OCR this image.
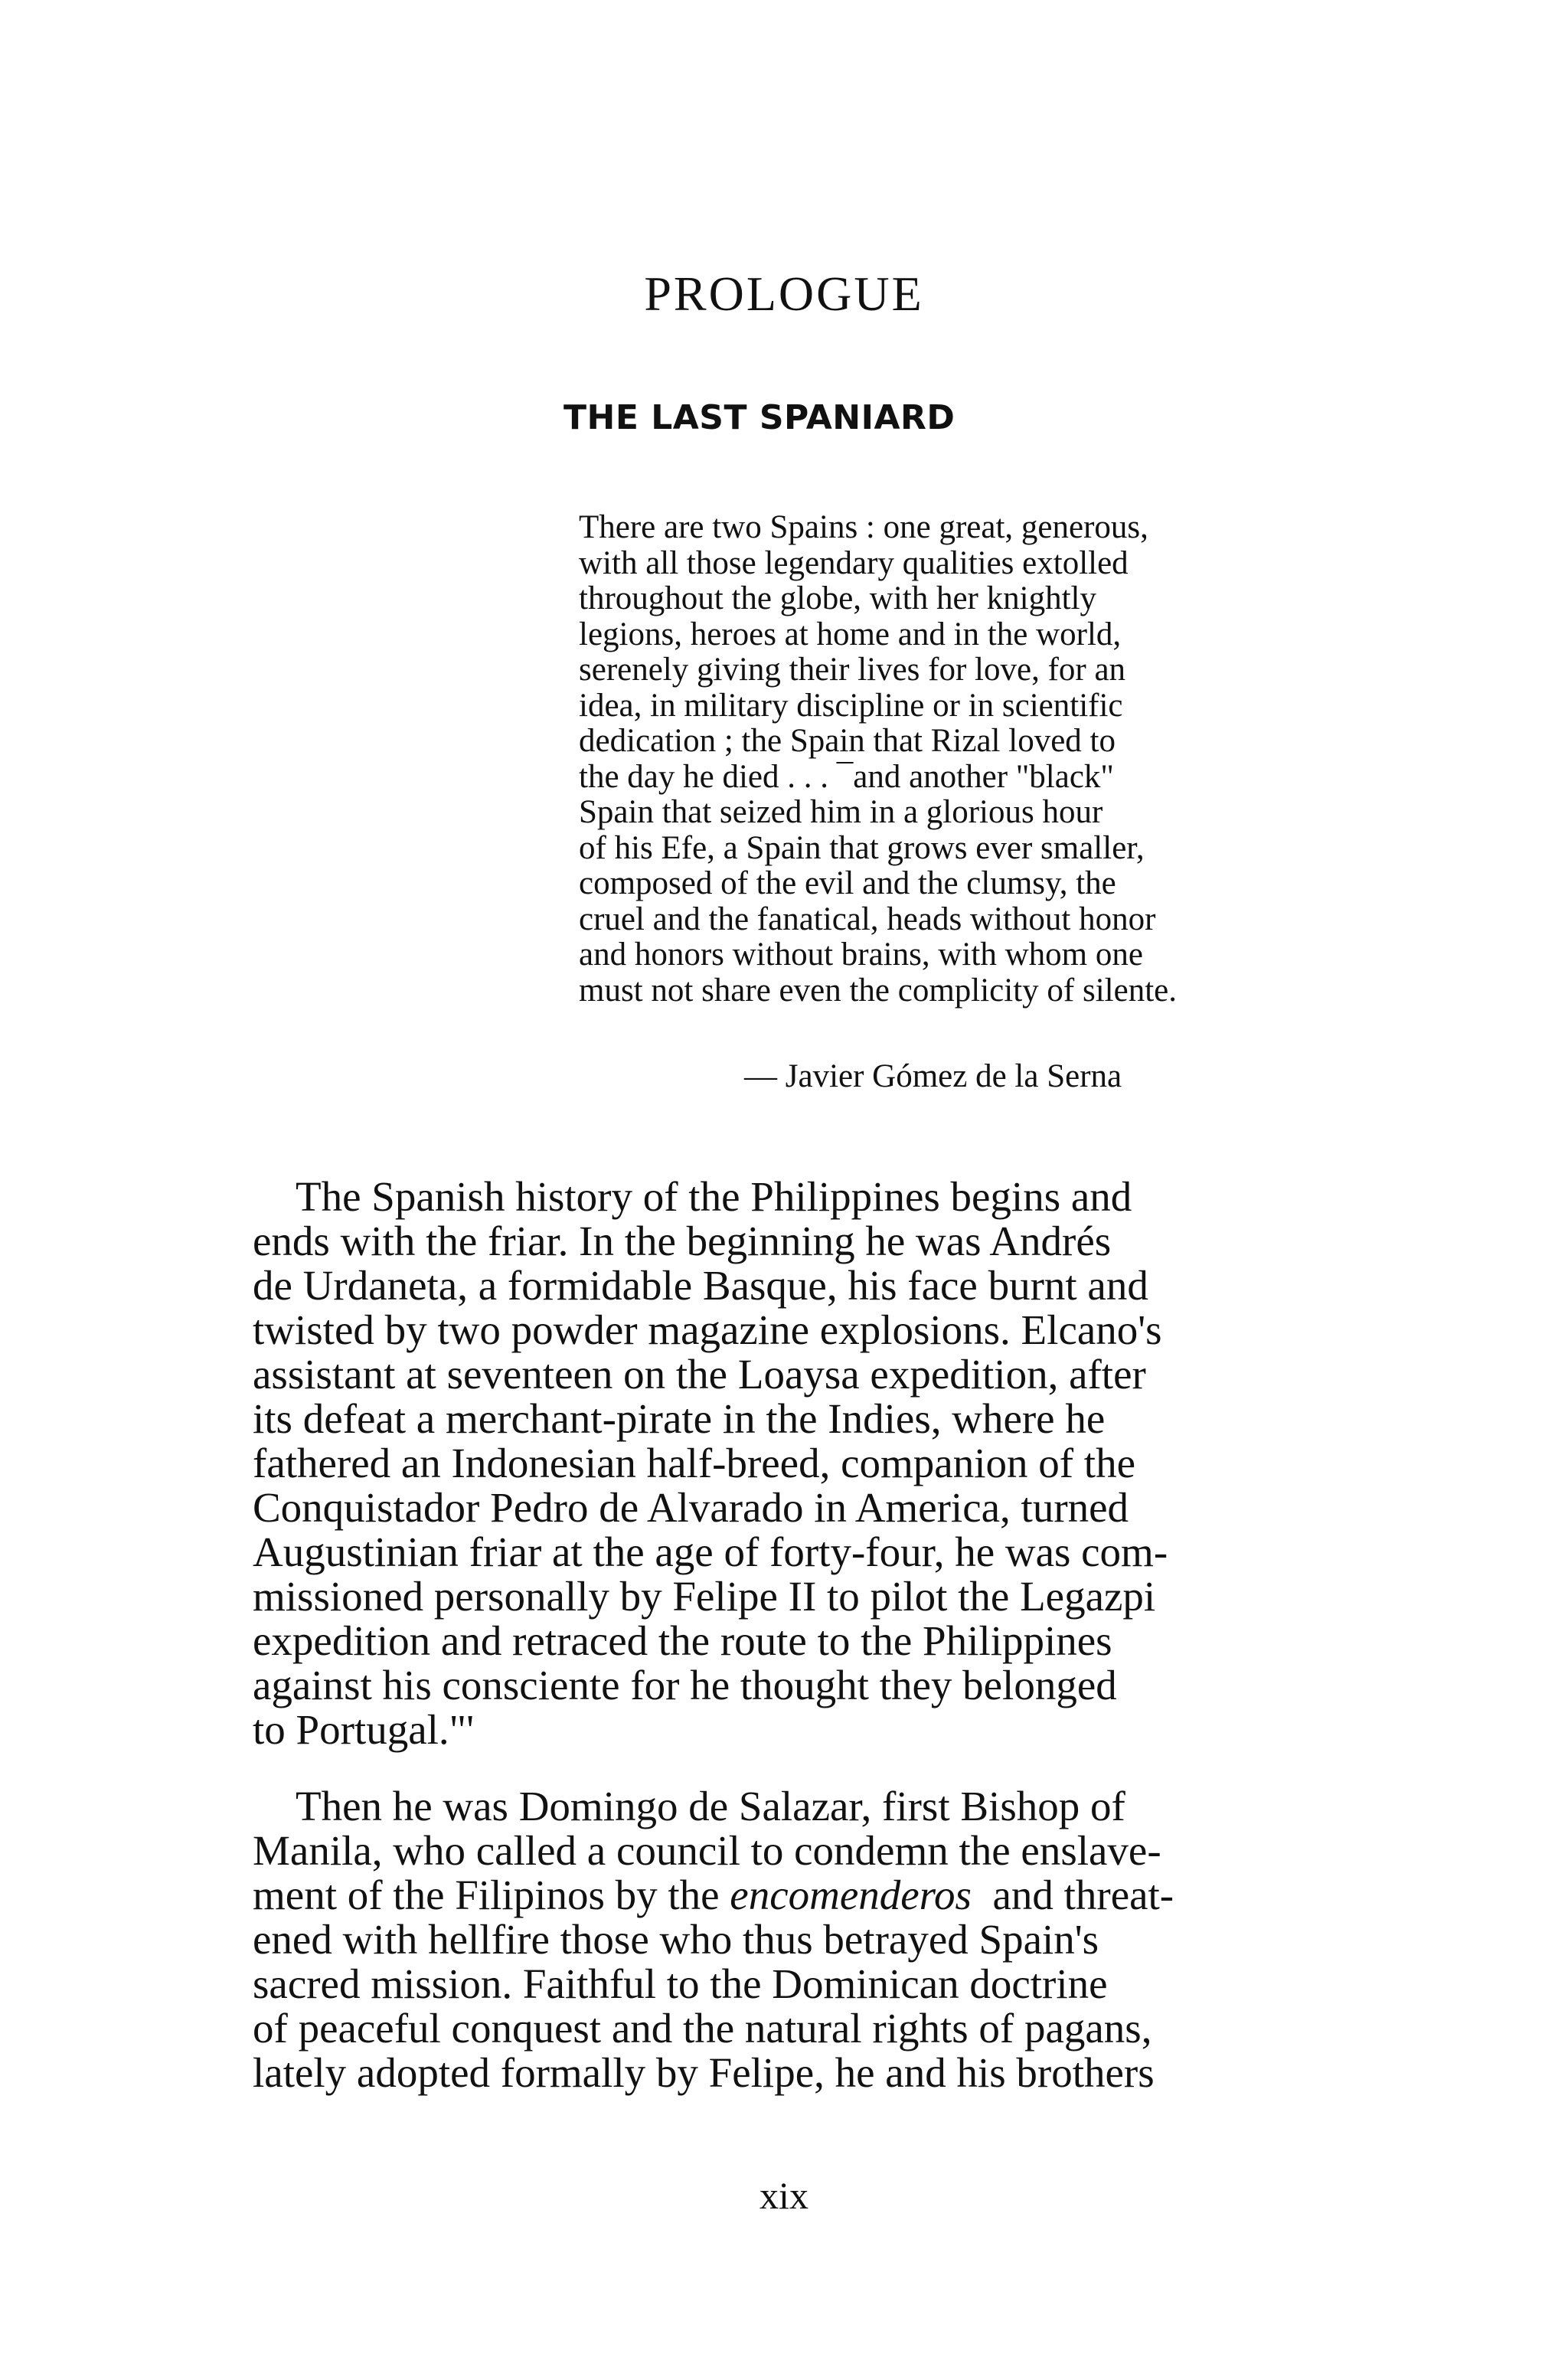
PROLOGUE
THE LAST SPANIARD
There are two Spains : one great, generous,
with all those legendary qualities extolled
throughout the globe, with her knightly
legions, heroes at home and in the world,
serenely giving their lives for love, for an
idea, in military discipline or in scientific
dedication ; the Spain that Rizal loved to
the day he died . . . ¯and another "black"
Spain that seized him in a glorious hour
of his Efe, a Spain that grows ever smaller,
composed of the evil and the clumsy, the
cruel and the fanatical, heads without honor
and honors without brains, with whom one
must not share even the complicity of silente.
— Javier Gómez de la Serna
The Spanish history of the Philippines begins and
ends with the friar. In the beginning he was Andrés
de Urdaneta, a formidable Basque, his face burnt and
twisted by two powder magazine explosions. Elcano's
assistant at seventeen on the Loaysa expedition, after
its defeat a merchant-pirate in the Indies, where he
fathered an Indonesian half-breed, companion of the
Conquistador Pedro de Alvarado in America, turned
Augustinian friar at the age of forty-four, he was com-
missioned personally by Felipe II to pilot the Legazpi
expedition and retraced the route to the Philippines
against his consciente for he thought they belonged
to Portugal."'
Then he was Domingo de Salazar, first Bishop of
Manila, who called a council to condemn the enslave-
ment of the Filipinos by the encomenderos  and threat-
ened with hellfire those who thus betrayed Spain's
sacred mission. Faithful to the Dominican doctrine
of peaceful conquest and the natural rights of pagans,
lately adopted formally by Felipe, he and his brothers
xix
